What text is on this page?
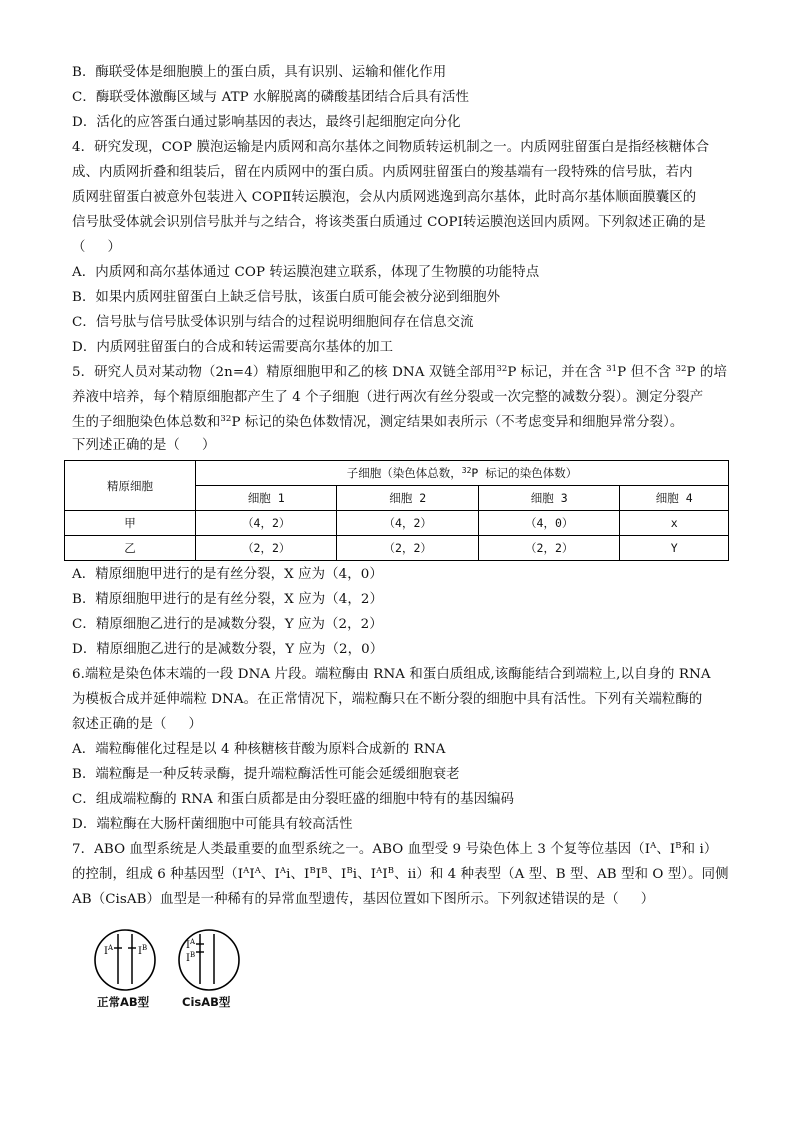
B．酶联受体是细胞膜上的蛋白质，具有识别、运输和催化作用
C．酶联受体激酶区域与 ATP 水解脱离的磷酸基团结合后具有活性
D．活化的应答蛋白通过影响基因的表达，最终引起细胞定向分化
4．研究发现，COP 膜泡运输是内质网和高尔基体之间物质转运机制之一。内质网驻留蛋白是指经核糖体合
成、内质网折叠和组装后，留在内质网中的蛋白质。内质网驻留蛋白的羧基端有一段特殊的信号肽，若内
质网驻留蛋白被意外包装进入 COPⅡ转运膜泡，会从内质网逃逸到高尔基体，此时高尔基体顺面膜囊区的
信号肽受体就会识别信号肽并与之结合，将该类蛋白质通过 COPⅠ转运膜泡送回内质网。下列叙述正确的是
（ ）
A．内质网和高尔基体通过 COP 转运膜泡建立联系，体现了生物膜的功能特点
B．如果内质网驻留蛋白上缺乏信号肽，该蛋白质可能会被分泌到细胞外
C．信号肽与信号肽受体识别与结合的过程说明细胞间存在信息交流
D．内质网驻留蛋白的合成和转运需要高尔基体的加工
5．研究人员对某动物（2n=4）精原细胞甲和乙的核 DNA 双链全部用$^{32}$P 标记，并在含 $^{31}$P 但不含 $^{32}$P 的培
养液中培养，每个精原细胞都产生了 4 个子细胞（进行两次有丝分裂或一次完整的减数分裂）。测定分裂产
生的子细胞染色体总数和$^{32}$P 标记的染色体数情况，测定结果如表所示（不考虑变异和细胞异常分裂）。
下列述正确的是（ ）
精原细胞	子细胞（染色体总数，$^{32}$P 标记的染色体数）			
	细胞 1	细胞 2	细胞 3	细胞 4
甲	（4，2）	（4，2）	（4，0）	x
乙	（2，2）	（2，2）	（2，2）	Y
A．精原细胞甲进行的是有丝分裂，X 应为（4，0）
B．精原细胞甲进行的是有丝分裂，X 应为（4，2）
C．精原细胞乙进行的是减数分裂，Y 应为（2，2）
D．精原细胞乙进行的是减数分裂，Y 应为（2，0）
6.端粒是染色体末端的一段 DNA 片段。端粒酶由 RNA 和蛋白质组成,该酶能结合到端粒上,以自身的 RNA
为模板合成并延伸端粒 DNA。在正常情况下，端粒酶只在不断分裂的细胞中具有活性。下列有关端粒酶的
叙述正确的是（ ）
A．端粒酶催化过程是以 4 种核糖核苷酸为原料合成新的 RNA
B．端粒酶是一种反转录酶，提升端粒酶活性可能会延缓细胞衰老
C．组成端粒酶的 RNA 和蛋白质都是由分裂旺盛的细胞中特有的基因编码
D．端粒酶在大肠杆菌细胞中可能具有较高活性
7．ABO 血型系统是人类最重要的血型系统之一。ABO 血型受 9 号染色体上 3 个复等位基因（$I^A$、$I^B$和 i）
的控制，组成 6 种基因型（$I^AI^A$、$I^Ai$、$I^BI^B$、$I^Bi$、$I^AI^B$、ii）和 4 种表型（A 型、B 型、AB 型和 O 型）。同侧
AB（CisAB）血型是一种稀有的异常血型遗传，基因位置如下图所示。下列叙述错误的是（ ）
$I^A$ $I^B$	$I^A$
$I^B$
正常AB型	CisAB型
